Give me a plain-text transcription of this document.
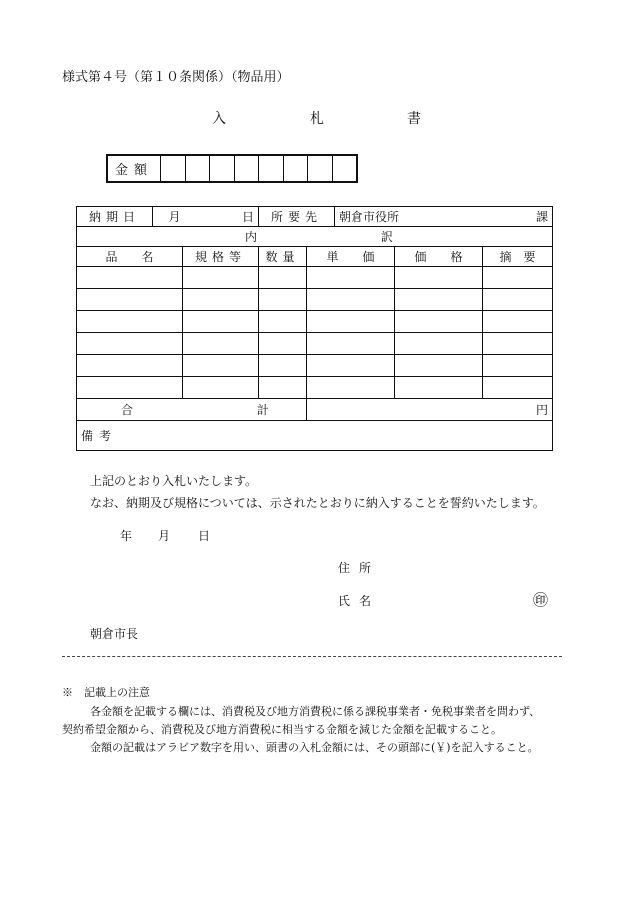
様式第４号（第１０条関係）（物品用）
入	札	書
金額
納期日	月	日	所要先	朝倉市役所	課
内	訳
品　　名	規格等	数量	単　　価	価　　格	摘　要

合 計			円		
備考					
上記のとおり入札いたします。
なお、納期及び規格については、示されたとおりに納入することを誓約いたします。
年 月 日
住所
氏名	㊞
朝倉市長
※　記載上の注意
各金額を記載する欄には、消費税及び地方消費税に係る課税事業者・免税事業者を問わず、
契約希望金額から、消費税及び地方消費税に相当する金額を減じた金額を記載すること。
金額の記載はアラビア数字を用い、頭書の入札金額には、その頭部に(￥)を記入すること。
